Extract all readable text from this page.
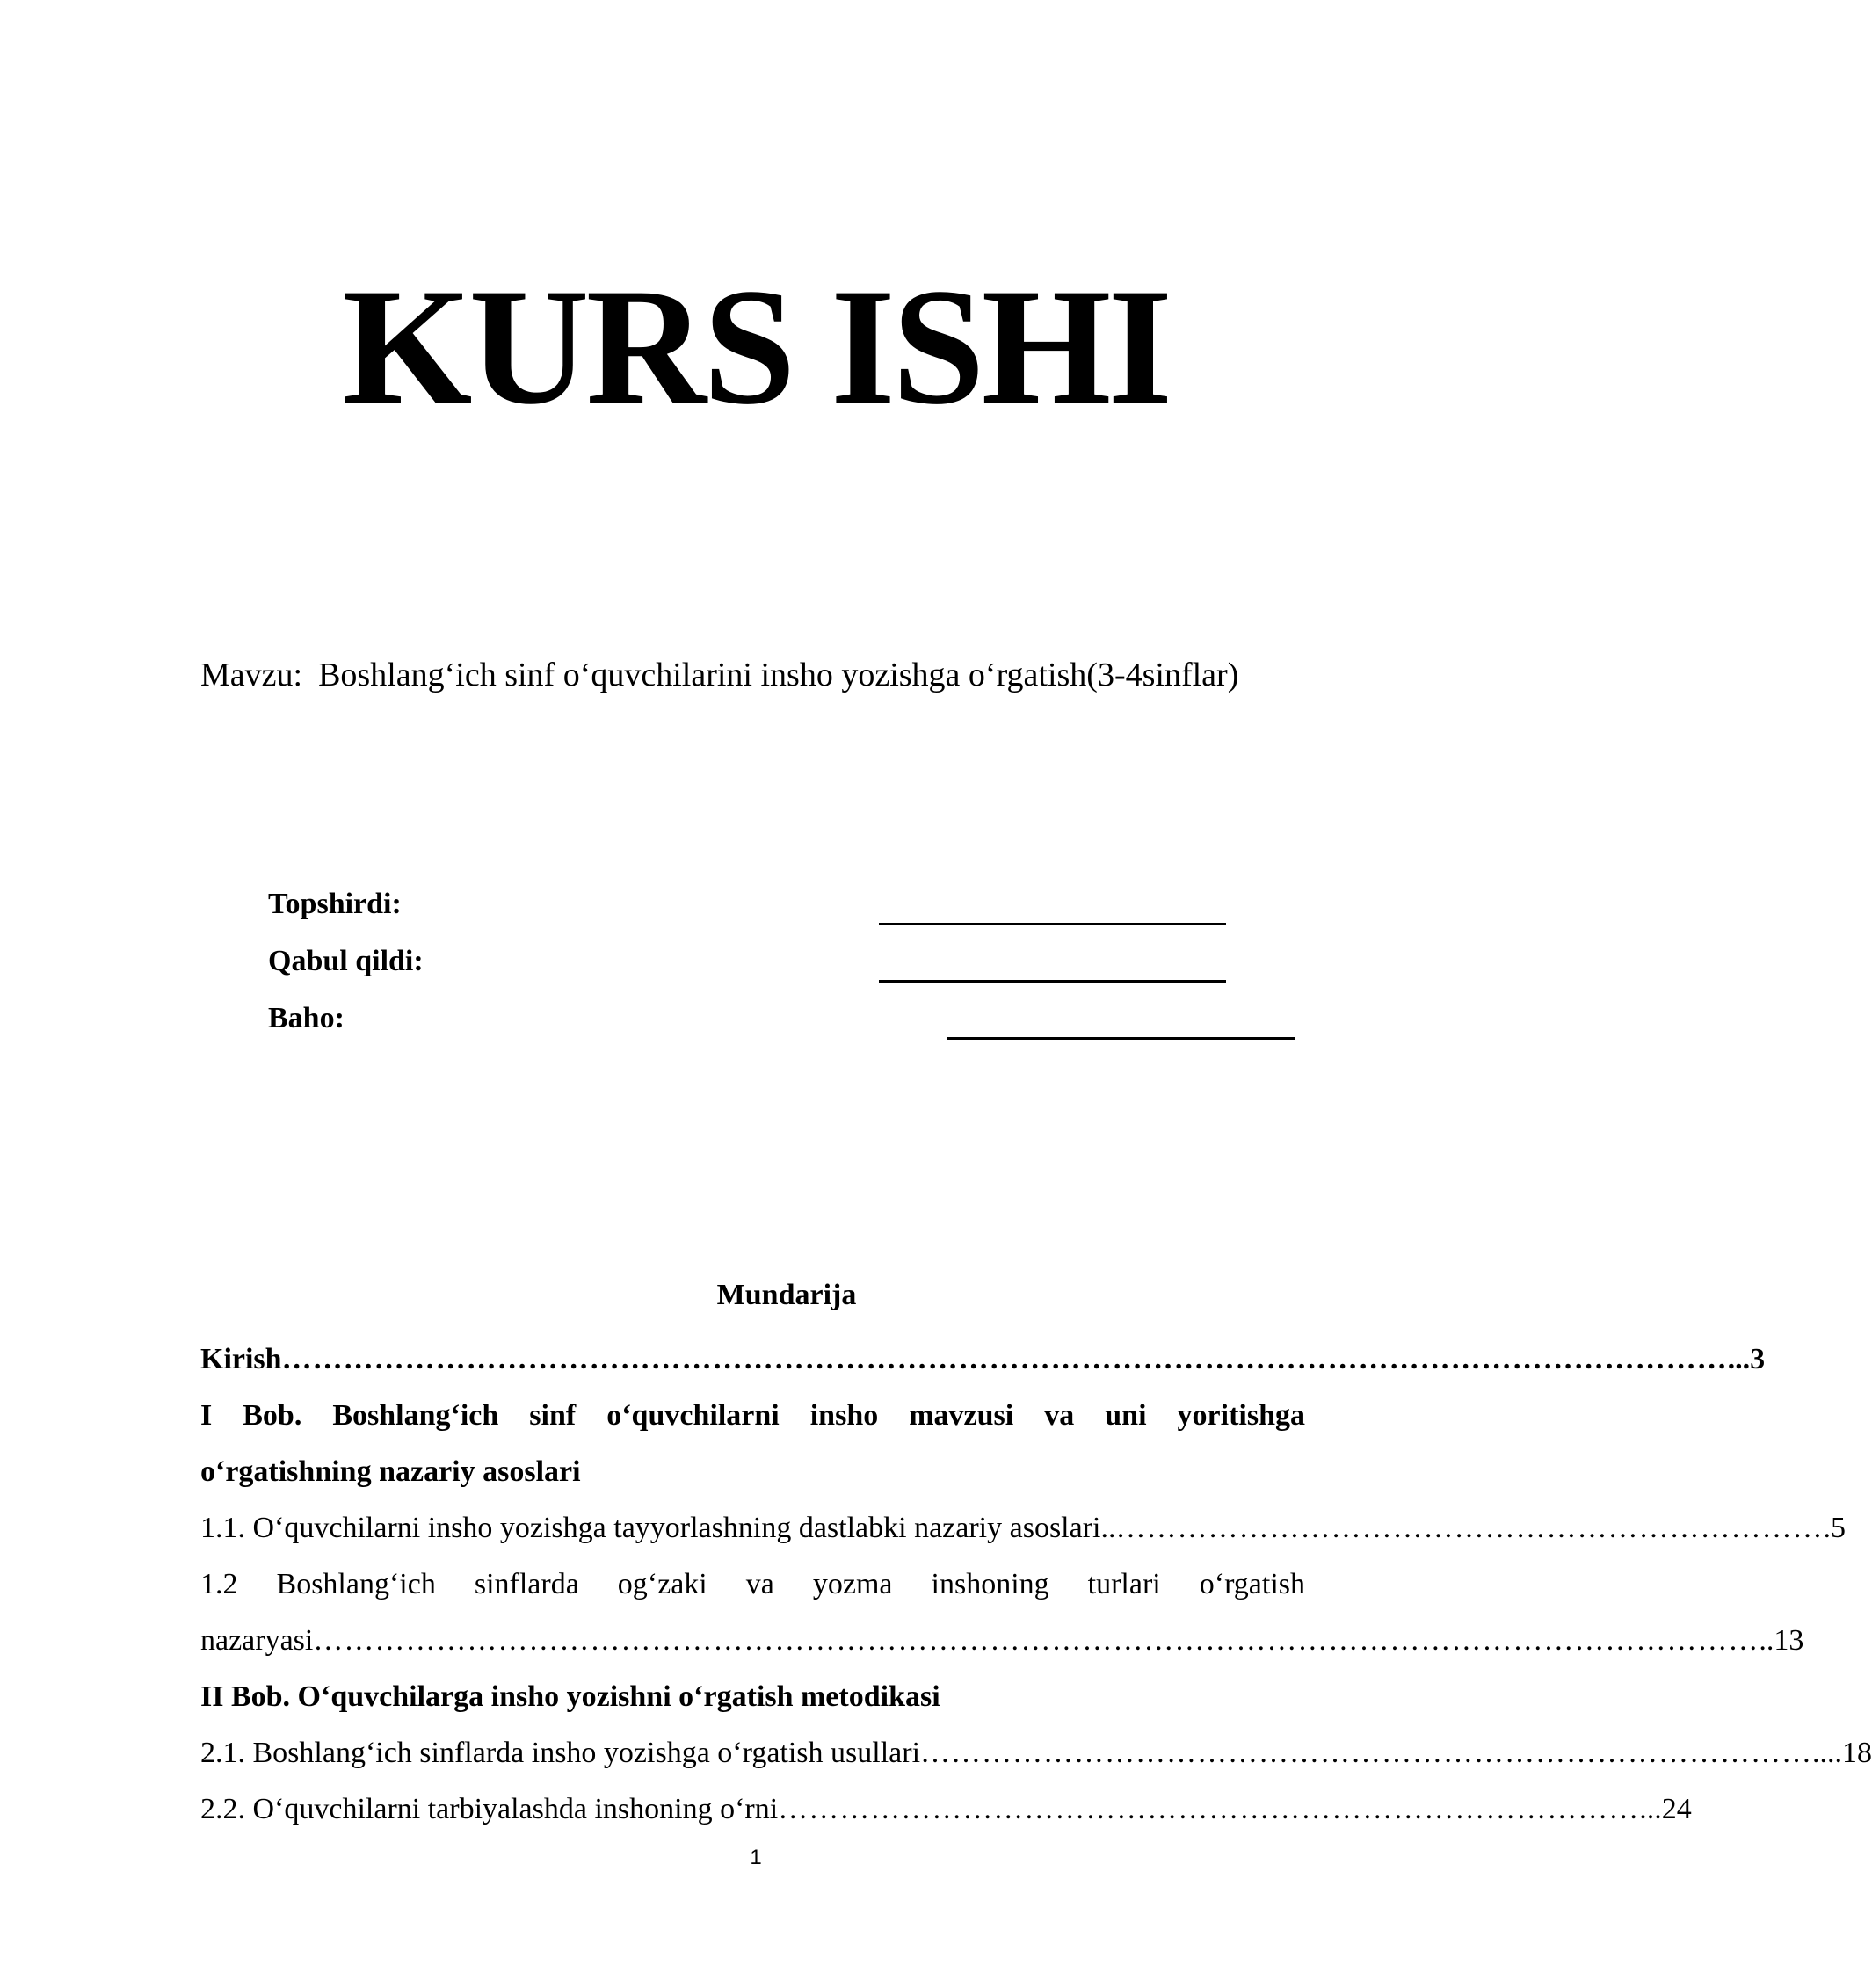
KURS ISHI
Mavzu: Boshlang‘ich sinf o‘quvchilarini insho yozishga o‘rgatish(3-4sinflar)
Topshirdi:
Qabul qildi:
Baho:
Mundarija
Kirish …………………………………………………………………………………………………………………………… ...3
I Bob. Boshlang‘ich sinf o‘quvchilarni insho mavzusi va uni yoritishga
o‘rgatishning nazariy asoslari
1.1. O‘quvchilarni insho yozishga tayyorlashning dastlabki nazariy asoslari.. …………………………………………………………… .5
1.2 Boshlang‘ich sinflarda og‘zaki va yozma inshoning turlari o‘rgatish
nazaryasi …………………………………………………………………………………………………………………………… ..13
II Bob. O‘quvchilarga insho yozishni o‘rgatish metodikasi
2.1. Boshlang‘ich sinflarda insho yozishga o‘rgatish usullari …………………………………………………………………………… ....18
2.2. O‘quvchilarni tarbiyalashda inshoning o‘rni ………………………………………………………………………… ...24
1
